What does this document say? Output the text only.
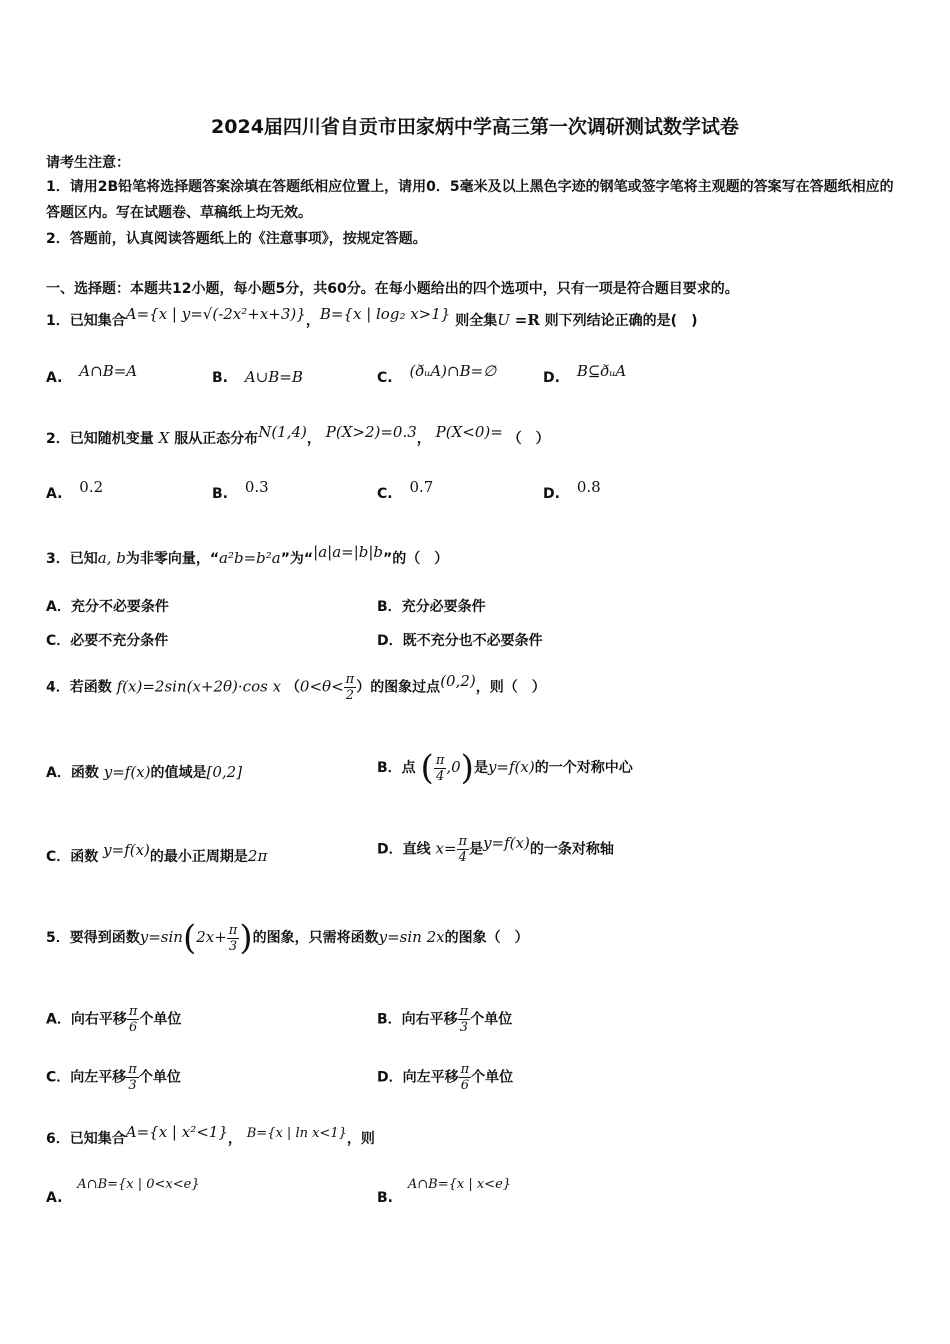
2024届四川省自贡市田家炳中学高三第一次调研测试数学试卷
请考生注意：
1．请用2B铅笔将选择题答案涂填在答题纸相应位置上，请用0．5毫米及以上黑色字迹的钢笔或签字笔将主观题的答案写在答题纸相应的答题区内。写在试题卷、草稿纸上均无效。
2．答题前，认真阅读答题纸上的《注意事项》，按规定答题。
一、选择题：本题共12小题，每小题5分，共60分。在每小题给出的四个选项中，只有一项是符合题目要求的。
1．已知集合A={x | y=√(-2x²+x+3)}，B={x | log₂ x>1} 则全集U =R 则下列结论正确的是(　)
A. A∩B=A	B. A∪B=B	C. (ðᵤA)∩B=∅	D. B⊆ðᵤA
2．已知随机变量 X 服从正态分布N(1,4)， P(X>2)=0.3， P(X<0)= （　）
A. 0.2	B. 0.3	C. 0.7	D. 0.8
3．已知a, b为非零向量，“a²b=b²a”为“|a|a=|b|b”的（　）
A．充分不必要条件	B．充分必要条件
C．必要不充分条件	D．既不充分也不必要条件
4．若函数 f(x)=2sin(x+2θ)·cos x （$0<\theta< \frac{\pi}{2}$ ）的图象过点(0,2)，则（　）
A．函数 y=f(x)的值域是[0,2]	B．点 ( $\frac{\pi}{4} ,0$)是y=f(x)的一个对称中心
C．函数 y=f(x)的最小正周期是2π	D．直线 $x= \frac{\pi}{4}$ 是y=f(x)的一条对称轴
5．要得到函数$y=\sin(2x+ \frac{\pi}{3}$ )的图象，只需将函数y=sin 2x的图象（　）
A．向右平移 $\frac{\pi}{6}$ 个单位	B．向右平移 $\frac{\pi}{3}$ 个单位
C．向左平移 $\frac{\pi}{3}$ 个单位	D．向左平移 $\frac{\pi}{6}$ 个单位
6．已知集合A={x | x²<1}， B={x | ln x<1}，则
A. A∩B={x | 0<x<e}
B. A∩B={x | x<e}
